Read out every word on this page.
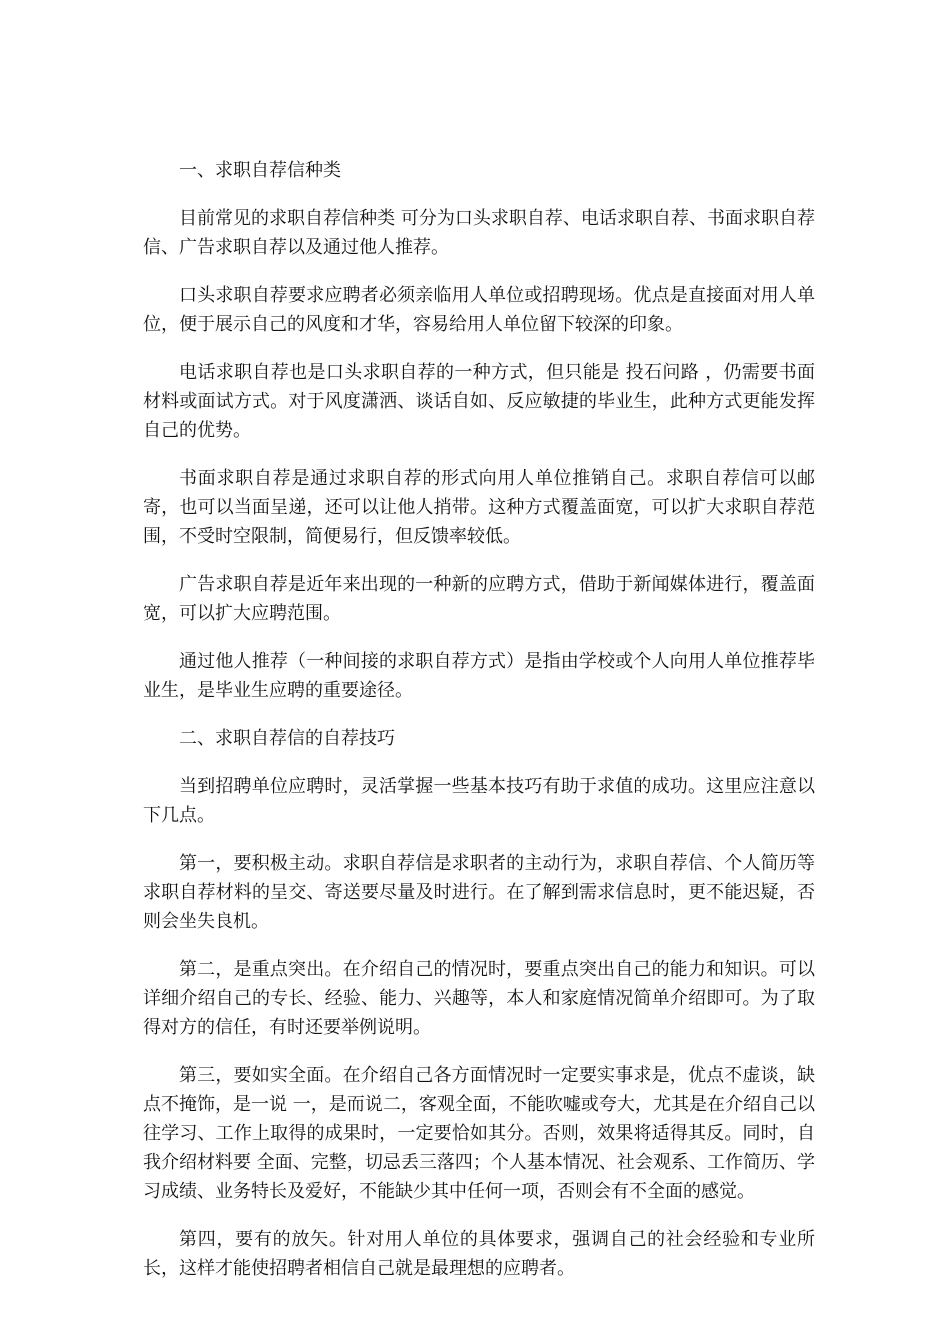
一、求职自荐信种类

目前常见的求职自荐信种类 可分为口头求职自荐、电话求职自荐、书面求职自荐信、广告求职自荐以及通过他人推荐。

口头求职自荐要求应聘者必须亲临用人单位或招聘现场。优点是直接面对用人单位，便于展示自己的风度和才华，容易给用人单位留下较深的印象。

电话求职自荐也是口头求职自荐的一种方式，但只能是 投石问路 ，仍需要书面材料或面试方式。对于风度潇洒、谈话自如、反应敏捷的毕业生，此种方式更能发挥自己的优势。

书面求职自荐是通过求职自荐的形式向用人单位推销自己。求职自荐信可以邮寄，也可以当面呈递，还可以让他人捎带。这种方式覆盖面宽，可以扩大求职自荐范围，不受时空限制，简便易行，但反馈率较低。

广告求职自荐是近年来出现的一种新的应聘方式，借助于新闻媒体进行，覆盖面宽，可以扩大应聘范围。

通过他人推荐（一种间接的求职自荐方式）是指由学校或个人向用人单位推荐毕业生，是毕业生应聘的重要途径。

二、求职自荐信的自荐技巧

当到招聘单位应聘时，灵活掌握一些基本技巧有助于求值的成功。这里应注意以下几点。

第一，要积极主动。求职自荐信是求职者的主动行为，求职自荐信、个人简历等求职自荐材料的呈交、寄送要尽量及时进行。在了解到需求信息时，更不能迟疑，否则会坐失良机。

第二，是重点突出。在介绍自己的情况时，要重点突出自己的能力和知识。可以详细介绍自己的专长、经验、能力、兴趣等，本人和家庭情况简单介绍即可。为了取得对方的信任，有时还要举例说明。

第三，要如实全面。在介绍自己各方面情况时一定要实事求是，优点不虚谈，缺点不掩饰，是一说 一，是而说二，客观全面，不能吹嘘或夸大，尤其是在介绍自己以往学习、工作上取得的成果时，一定要恰如其分。否则，效果将适得其反。同时，自我介绍材料要 全面、完整，切忌丢三落四；个人基本情况、社会观系、工作简历、学习成绩、业务特长及爱好，不能缺少其中任何一项，否则会有不全面的感觉。

第四，要有的放矢。针对用人单位的具体要求，强调自己的社会经验和专业所长，这样才能使招聘者相信自己就是最理想的应聘者。
